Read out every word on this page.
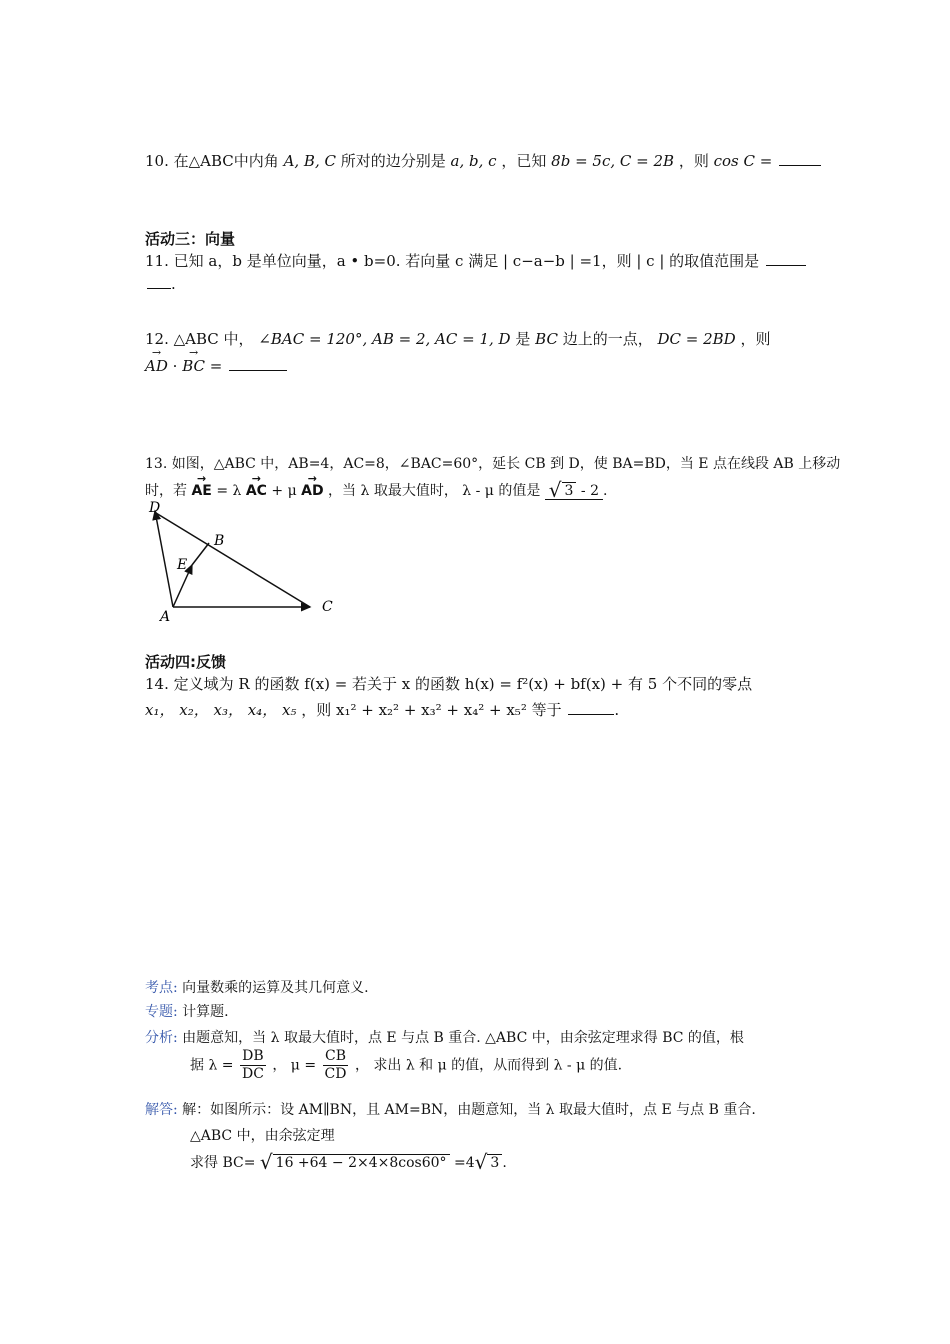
10. 在△ABC中内角 A, B, C 所对的边分别是 a, b, c ，已知 8b = 5c, C = 2B ，则 cos C =
活动三：向量
11. 已知 a，b 是单位向量，a • b=0. 若向量 c 满足 | c−a−b | =1，则 | c | 的取值范围是
.
12. △ABC 中， ∠BAC = 120°, AB = 2, AC = 1, D 是 BC 边上的一点， DC = 2BD ，则
→ AD · → BC =
13. 如图，△ABC 中，AB=4，AC=8，∠BAC=60°，延长 CB 到 D，使 BA=BD，当 E 点在线段 AB 上移动
时，若 → AE = λ → AC + μ → AD ，当 λ 取最大值时， λ - μ 的值是 √ 3 - 2 .
D
B
E
A
C
活动四:反馈
14. 定义域为 R 的函数 f(x) = 若关于 x 的函数 h(x) = f²(x) + bf(x) + 有 5 个不同的零点
x₁， x₂， x₃， x₄， x₅ ，则 x₁² + x₂² + x₃² + x₄² + x₅² 等于	.
考点: 向量数乘的运算及其几何意义.
专题: 计算题.
分析: 由题意知，当 λ 取最大值时，点 E 与点 B 重合. △ABC 中，由余弦定理求得 BC 的值，根
据 $\lambda = \frac{DB}{DC}$ ， $\mu = \frac{CB}{CD}$ ， 求出 λ 和 μ 的值，从而得到 λ - μ 的值.
解答: 解：如图所示：设 AM∥BN，且 AM=BN，由题意知，当 λ 取最大值时，点 E 与点 B 重合.
△ABC 中，由余弦定理
求得 BC= √ 16 +64 − 2×4×8cos60° =4√ 3 .
